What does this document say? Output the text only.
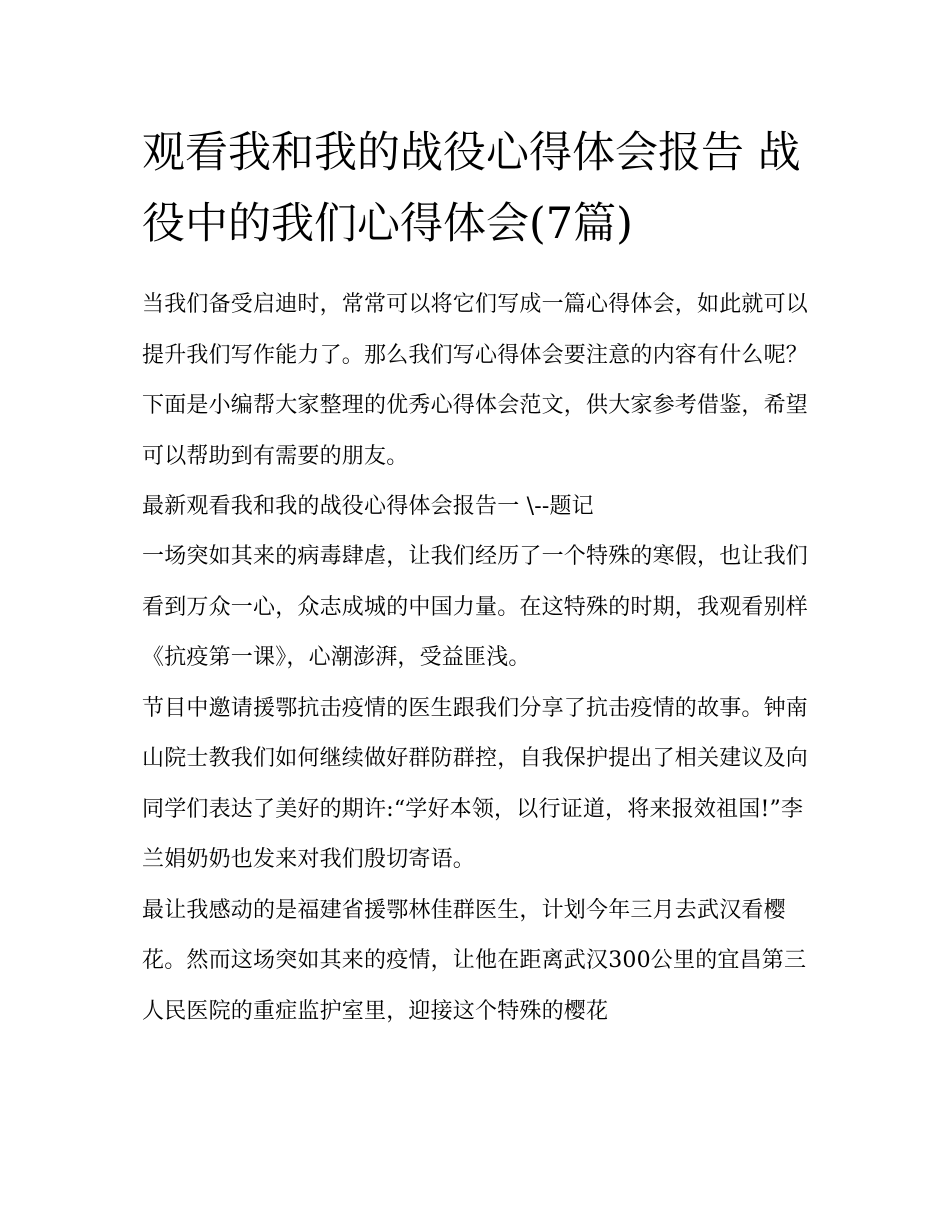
观看我和我的战役心得体会报告 战役中的我们心得体会(7篇)

当我们备受启迪时，常常可以将它们写成一篇心得体会，如此就可以提升我们写作能力了。那么我们写心得体会要注意的内容有什么呢？下面是小编帮大家整理的优秀心得体会范文，供大家参考借鉴，希望可以帮助到有需要的朋友。

最新观看我和我的战役心得体会报告一 \--题记

一场突如其来的病毒肆虐，让我们经历了一个特殊的寒假，也让我们看到万众一心，众志成城的中国力量。在这特殊的时期，我观看别样《抗疫第一课》，心潮澎湃，受益匪浅。

节目中邀请援鄂抗击疫情的医生跟我们分享了抗击疫情的故事。钟南山院士教我们如何继续做好群防群控，自我保护提出了相关建议及向同学们表达了美好的期许:“学好本领，以行证道，将来报效祖国!”李兰娟奶奶也发来对我们殷切寄语。

最让我感动的是福建省援鄂林佳群医生，计划今年三月去武汉看樱花。然而这场突如其来的疫情，让他在距离武汉300公里的宜昌第三人民医院的重症监护室里，迎接这个特殊的樱花
